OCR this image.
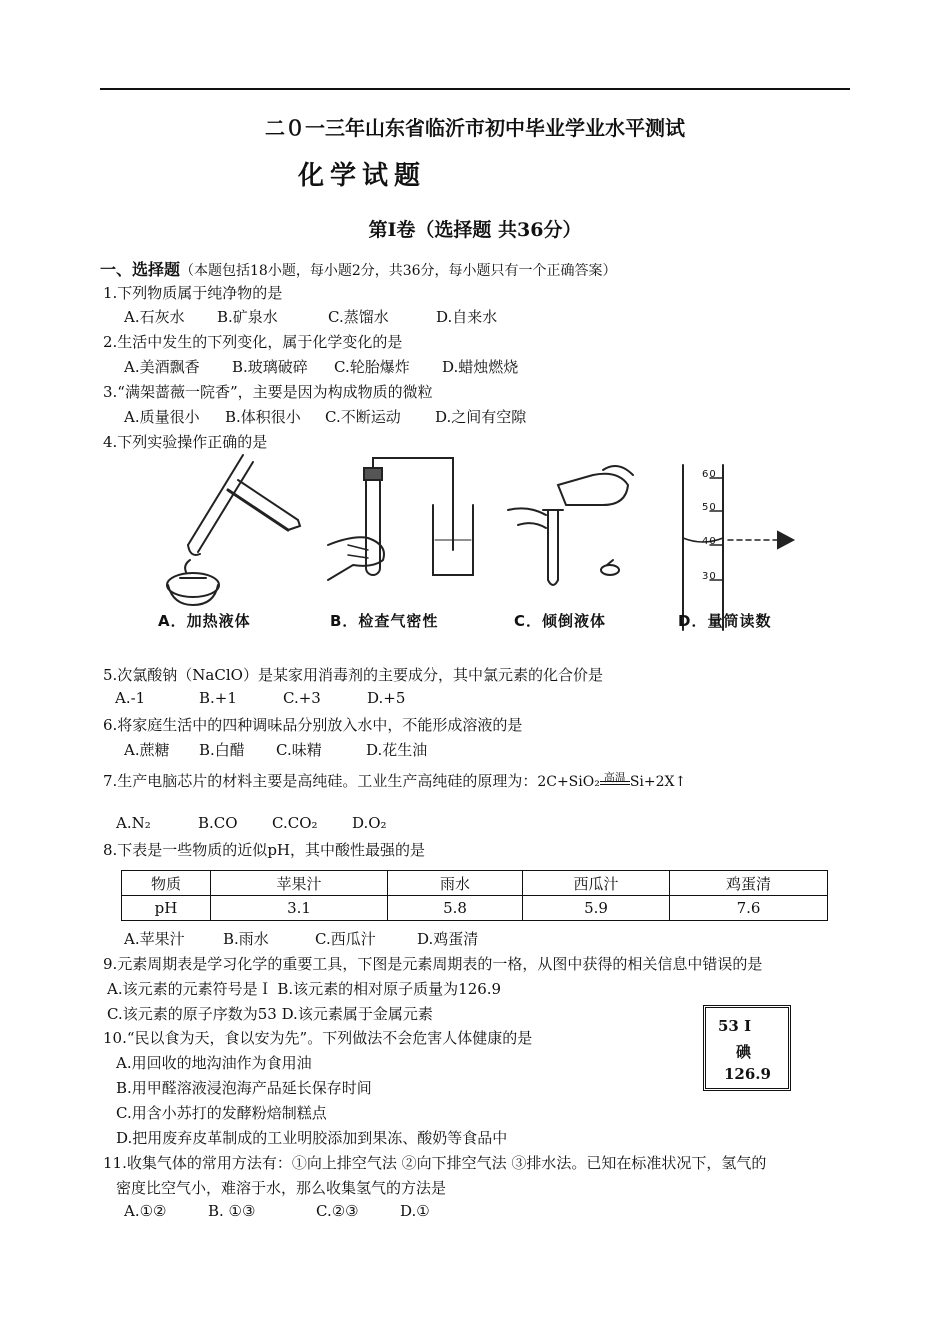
二０一三年山东省临沂市初中毕业学业水平测试
化学试题
第Ⅰ卷（选择题 共36分）
一、选择题（本题包括18小题，每小题2分，共36分，每小题只有一个正确答案）
1.下列物质属于纯净物的是
A.石灰水 B.矿泉水	C.蒸馏水	D.自来水
2.生活中发生的下列变化，属于化学变化的是
A.美酒飘香 B.玻璃破碎 C.轮胎爆炸 D.蜡烛燃烧
3.“满架蔷薇一院香”，主要是因为构成物质的微粒
A.质量很小 B.体积很小 C.不断运动 D.之间有空隙
4.下列实验操作正确的是
A．加热液体	B．检查气密性	C．倾倒液体	D．量筒读数
60
50
40
30
5.次氯酸钠（NaClO）是某家用消毒剂的主要成分，其中氯元素的化合价是
A.-1	B.+1	C.+3	D.+5
6.将家庭生活中的四种调味品分别放入水中，不能形成溶液的是
A.蔗糖 B.白醋 C.味精	D.花生油
7.生产电脑芯片的材料主要是高纯硅。工业生产高纯硅的原理为：2C+SiO₂ 高温 Si+2X↑
A.N₂	B.CO C.CO₂ D.O₂
8.下表是一些物质的近似pH，其中酸性最强的是
物质	苹果汁	雨水	西瓜汁	鸡蛋清
pH	3.1	5.8	5.9	7.6
A.苹果汁	B.雨水	C.西瓜汁	D.鸡蛋清
9.元素周期表是学习化学的重要工具，下图是元素周期表的一格，从图中获得的相关信息中错误的是
A.该元素的元素符号是Ｉ B.该元素的相对原子质量为126.9
C.该元素的原子序数为53 D.该元素属于金属元素
53 I
碘
126.9
10.“民以食为天，食以安为先”。下列做法不会危害人体健康的是
A.用回收的地沟油作为食用油
B.用甲醛溶液浸泡海产品延长保存时间
C.用含小苏打的发酵粉焙制糕点
D.把用废弃皮革制成的工业明胶添加到果冻、酸奶等食品中
11.收集气体的常用方法有：①向上排空气法 ②向下排空气法 ③排水法。已知在标准状况下，氢气的
密度比空气小，难溶于水，那么收集氢气的方法是
A.①②	B. ①③	C.②③	D.①
